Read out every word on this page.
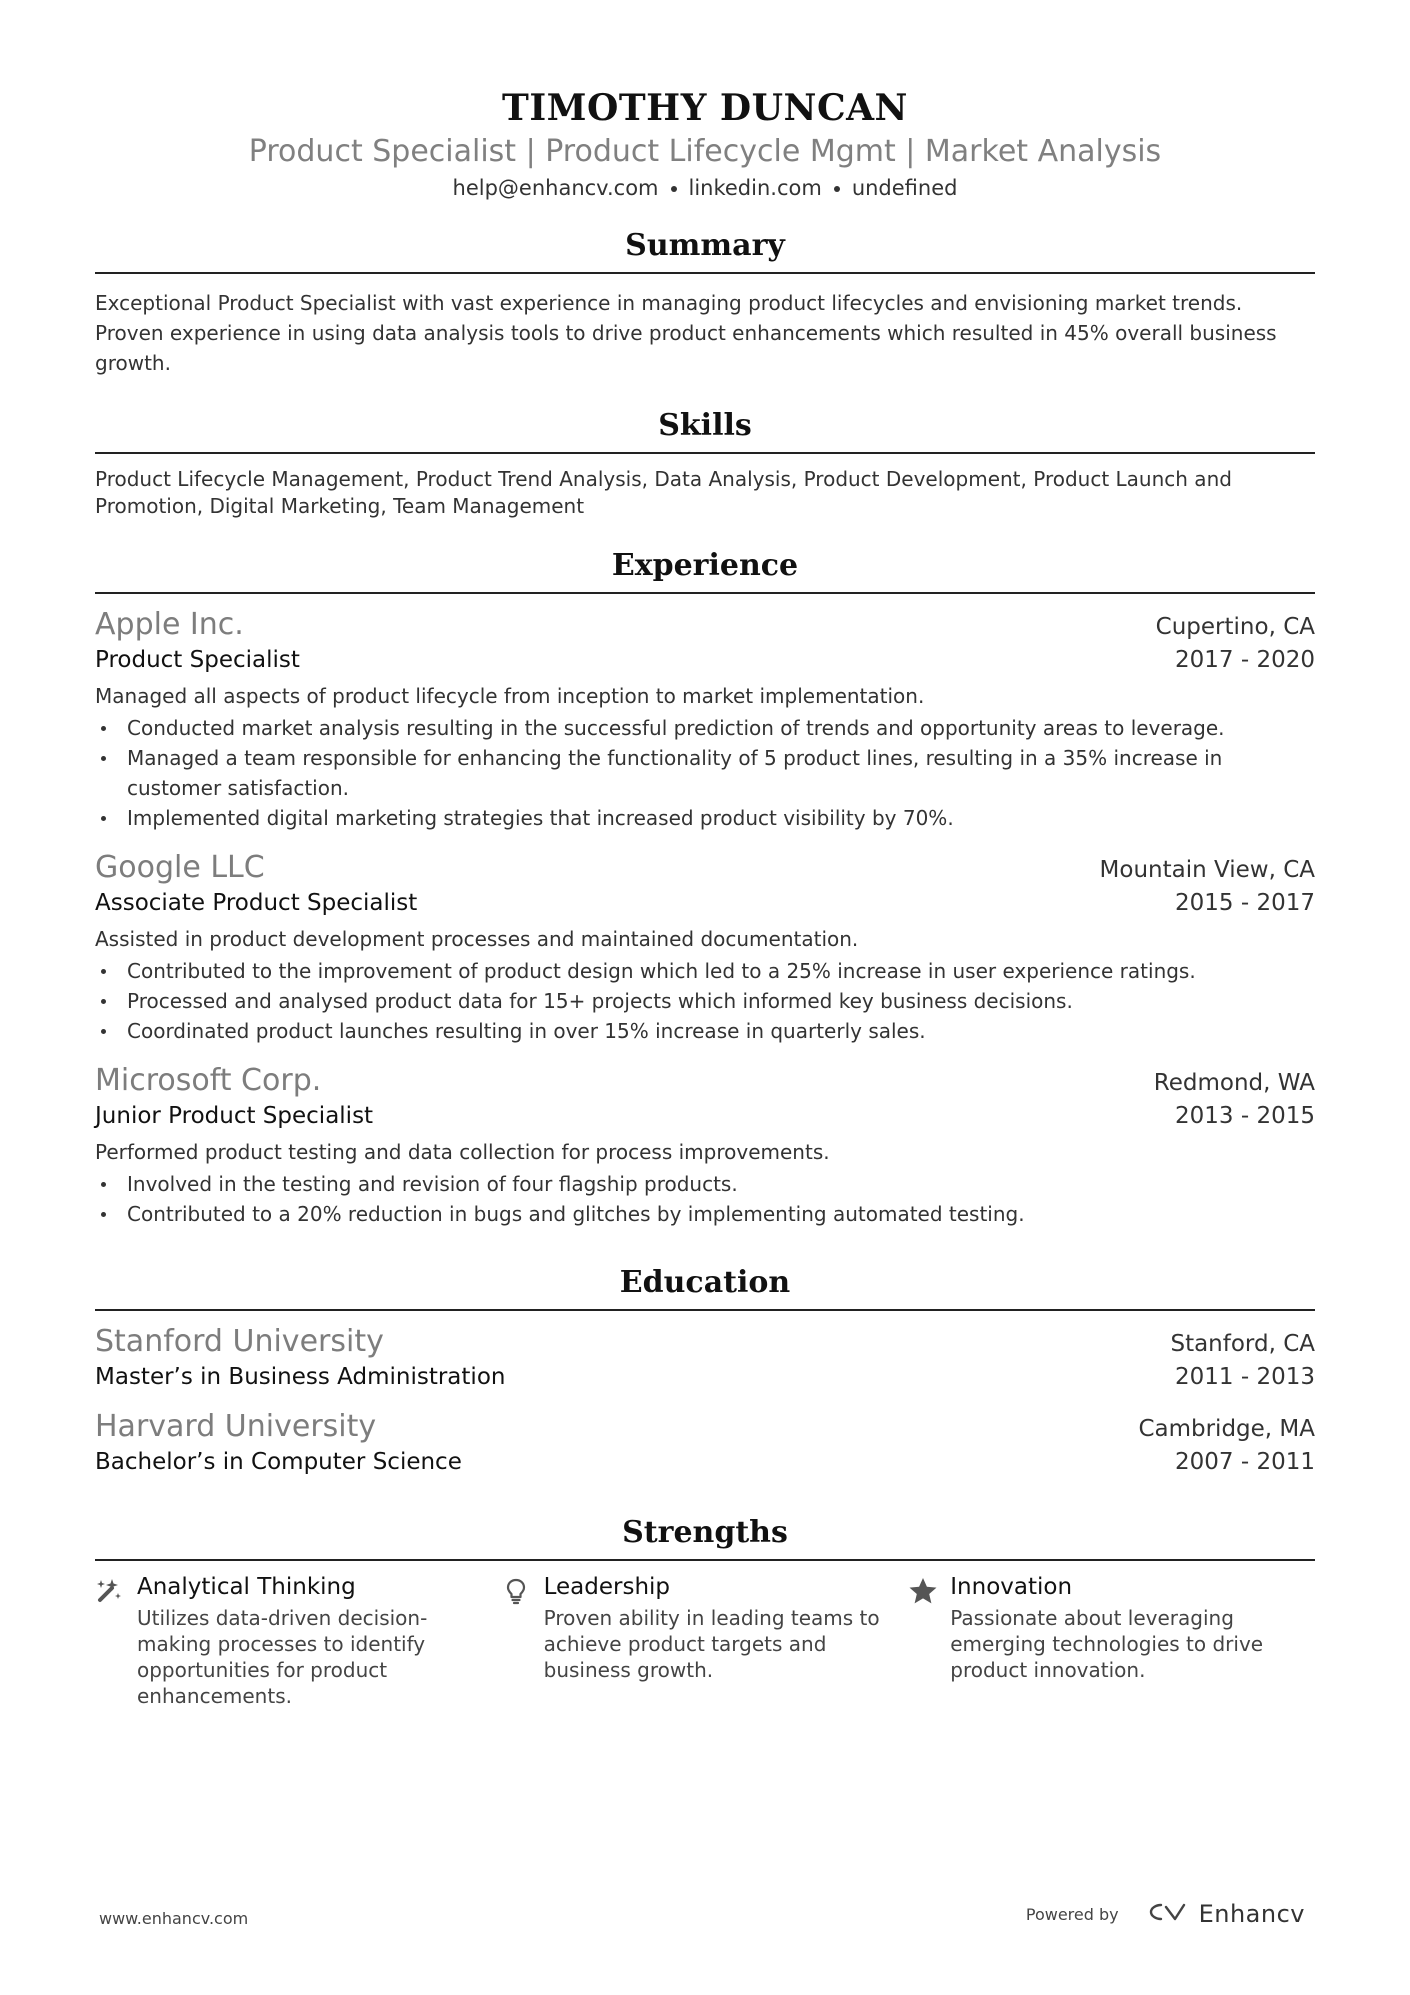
TIMOTHY DUNCAN
Product Specialist | Product Lifecycle Mgmt | Market Analysis
help@enhancv.com linkedin.com undefined
Summary
Exceptional Product Specialist with vast experience in managing product lifecycles and envisioning market trends. Proven experience in using data analysis tools to drive product enhancements which resulted in 45% overall business growth.
Skills
Product Lifecycle Management, Product Trend Analysis, Data Analysis, Product Development, Product Launch and Promotion, Digital Marketing, Team Management
Experience
Apple Inc.	Cupertino, CA
Product Specialist	2017 - 2020
Managed all aspects of product lifecycle from inception to market implementation.
Conducted market analysis resulting in the successful prediction of trends and opportunity areas to leverage.
Managed a team responsible for enhancing the functionality of 5 product lines, resulting in a 35% increase in customer satisfaction.
Implemented digital marketing strategies that increased product visibility by 70%.
Google LLC	Mountain View, CA
Associate Product Specialist	2015 - 2017
Assisted in product development processes and maintained documentation.
Contributed to the improvement of product design which led to a 25% increase in user experience ratings.
Processed and analysed product data for 15+ projects which informed key business decisions.
Coordinated product launches resulting in over 15% increase in quarterly sales.
Microsoft Corp.	Redmond, WA
Junior Product Specialist	2013 - 2015
Performed product testing and data collection for process improvements.
Involved in the testing and revision of four flagship products.
Contributed to a 20% reduction in bugs and glitches by implementing automated testing.
Education
Stanford University	Stanford, CA
Master’s in Business Administration	2011 - 2013
Harvard University	Cambridge, MA
Bachelor’s in Computer Science	2007 - 2011
Strengths
Analytical Thinking
Utilizes data-driven decision-making processes to identify opportunities for product enhancements.
Leadership
Proven ability in leading teams to achieve product targets and business growth.
Innovation
Passionate about leveraging emerging technologies to drive product innovation.
www.enhancv.com	Powered by	Enhancv
